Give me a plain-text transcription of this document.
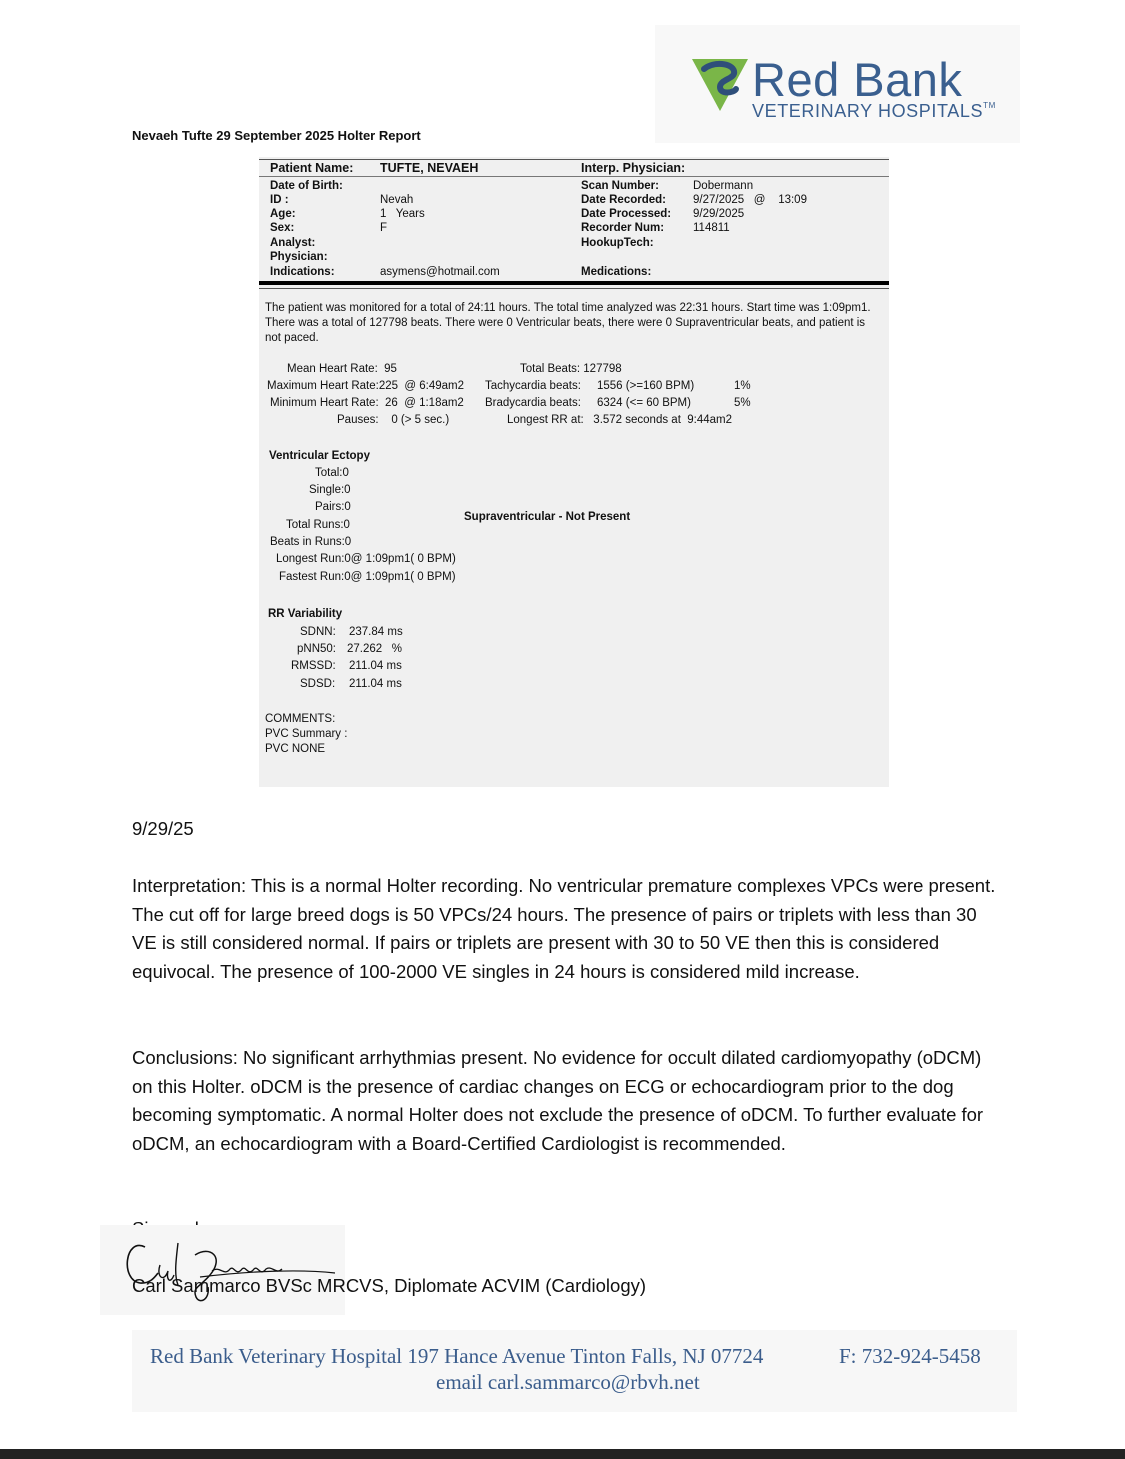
Red Bank
VETERINARY HOSPITALS™
Nevaeh Tufte 29 September 2025 Holter Report
Patient Name: TUFTE, NEVAEH	Interp. Physician:
Date of Birth:
ID :	Nevah
Age:	1   Years
Sex:	F
Analyst:
Physician:
Indications:	asymens@hotmail.com
Scan Number:	Dobermann
Date Recorded: 9/27/2025   @    13:09
Date Processed: 9/29/2025
Recorder Num:	114811
HookupTech:
Medications:
The patient was monitored for a total of 24:11 hours. The total time analyzed was 22:31 hours. Start time was 1:09pm1.
There was a total of 127798 beats. There were 0 Ventricular beats, there were 0 Supraventricular beats, and patient is
not paced.
Mean Heart Rate:  95
Maximum Heart Rate:225  @ 6:49am2
Minimum Heart Rate:  26  @ 1:18am2
Pauses:    0 (> 5 sec.)
Total Beats: 127798
Tachycardia beats: 1556 (>=160 BPM)	1%
Bradycardia beats: 6324 (<= 60 BPM)	5%
Longest RR at:   3.572 seconds at  9:44am2
Ventricular Ectopy
Total:0
Single:0
Pairs:0
Total Runs:0
Beats in Runs:0
Longest Run:0@ 1:09pm1( 0 BPM)
Fastest Run:0@ 1:09pm1( 0 BPM)
Supraventricular - Not Present
RR Variability
SDNN: 237.84 ms
pNN50: 27.262   %
RMSSD: 211.04 ms
SDSD: 211.04 ms
COMMENTS:
PVC Summary :
PVC NONE
9/29/25
Interpretation: This is a normal Holter recording. No ventricular premature complexes VPCs were present. The cut off for large breed dogs is 50 VPCs/24 hours. The presence of pairs or triplets with less than 30 VE is still considered normal. If pairs or triplets are present with 30 to 50 VE then this is considered equivocal. The presence of 100-2000 VE singles in 24 hours is considered mild increase.
Conclusions: No significant arrhythmias present. No evidence for occult dilated cardiomyopathy (oDCM) on this Holter. oDCM is the presence of cardiac changes on ECG or echocardiogram prior to the dog becoming symptomatic. A normal Holter does not exclude the presence of oDCM. To further evaluate for oDCM, an echocardiogram with a Board-Certified Cardiologist is recommended.
Carl Sammarco BVSc MRCVS, Diplomate ACVIM (Cardiology)
Red Bank Veterinary Hospital 197 Hance Avenue Tinton Falls, NJ 07724	F: 732-924-5458
email carl.sammarco@rbvh.net
